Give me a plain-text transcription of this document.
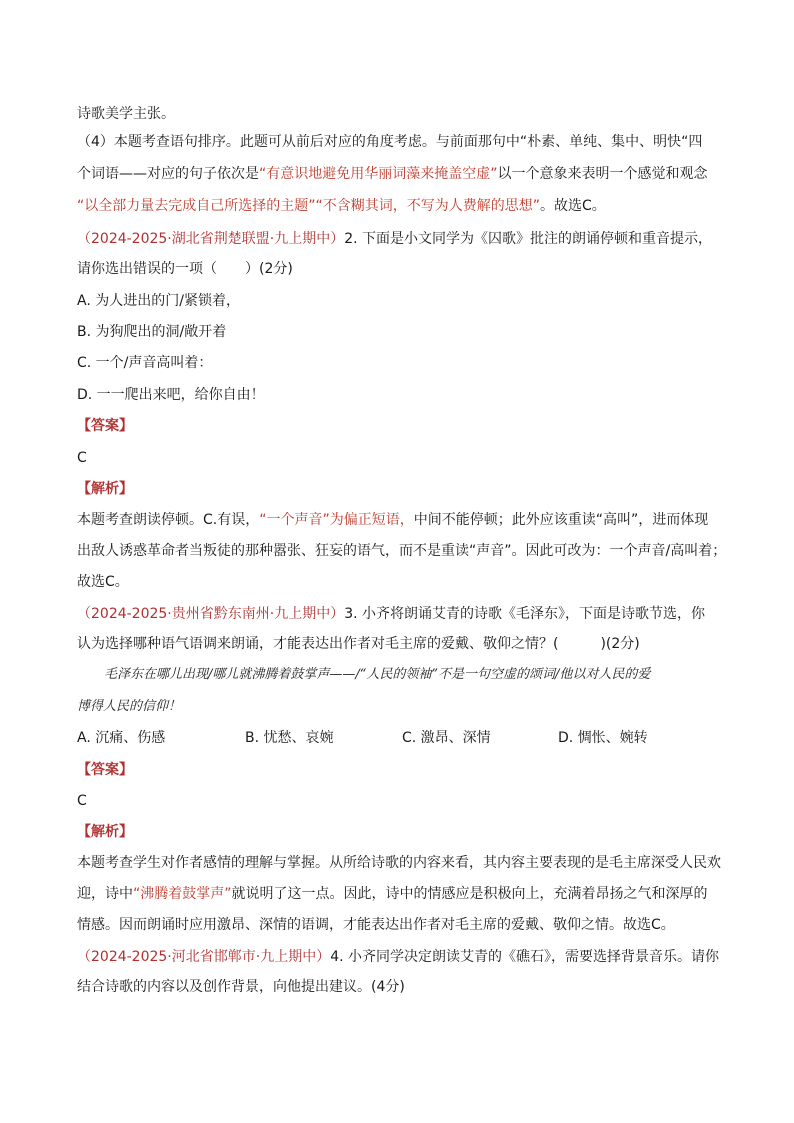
诗歌美学主张。
（4）本题考查语句排序。此题可从前后对应的角度考虑。与前面那句中“朴素、单纯、集中、明快“四
个词语——对应的句子依次是“有意识地避免用华丽词藻来掩盖空虚”以一个意象来表明一个感觉和观念
“以全部力量去完成自己所选择的主题”“不含糊其词，不写为人费解的思想”。故选C。
（2024-2025·湖北省荆楚联盟·九上期中）2. 下面是小文同学为《囚歌》批注的朗诵停顿和重音提示，
请你选出错误的一项（　　）(2分)
A. 为人进出的门/紧锁着，
B. 为狗爬出的洞/敞开着
C. 一个/声音高叫着：
D. 一一爬出来吧，给你自由！
【答案】
C
【解析】
本题考查朗读停顿。C.有误，“一个声音”为偏正短语，中间不能停顿；此外应该重读“高叫”，进而体现
出敌人诱惑革命者当叛徒的那种嚣张、狂妄的语气，而不是重读“声音”。因此可改为：一个声音/高叫着；
故选C。
（2024-2025·贵州省黔东南州·九上期中）3. 小齐将朗诵艾青的诗歌《毛泽东》，下面是诗歌节选，你
认为选择哪种语气语调来朗诵，才能表达出作者对毛主席的爱戴、敬仰之情？(　　　)(2分)
毛泽东在哪儿出现/哪儿就沸腾着鼓掌声——/“人民的领袖”不是一句空虚的颂词/他以对人民的爱
博得人民的信仰！
A. 沉痛、伤感	B. 忧愁、哀婉	C. 激昂、深情	D. 惆怅、婉转
【答案】
C
【解析】
本题考查学生对作者感情的理解与掌握。从所给诗歌的内容来看，其内容主要表现的是毛主席深受人民欢
迎，诗中“沸腾着鼓掌声”就说明了这一点。因此，诗中的情感应是积极向上，充满着昂扬之气和深厚的
情感。因而朗诵时应用激昂、深情的语调，才能表达出作者对毛主席的爱戴、敬仰之情。故选C。
（2024-2025·河北省邯郸市·九上期中）4. 小齐同学决定朗读艾青的《礁石》，需要选择背景音乐。请你
结合诗歌的内容以及创作背景，向他提出建议。(4分)
